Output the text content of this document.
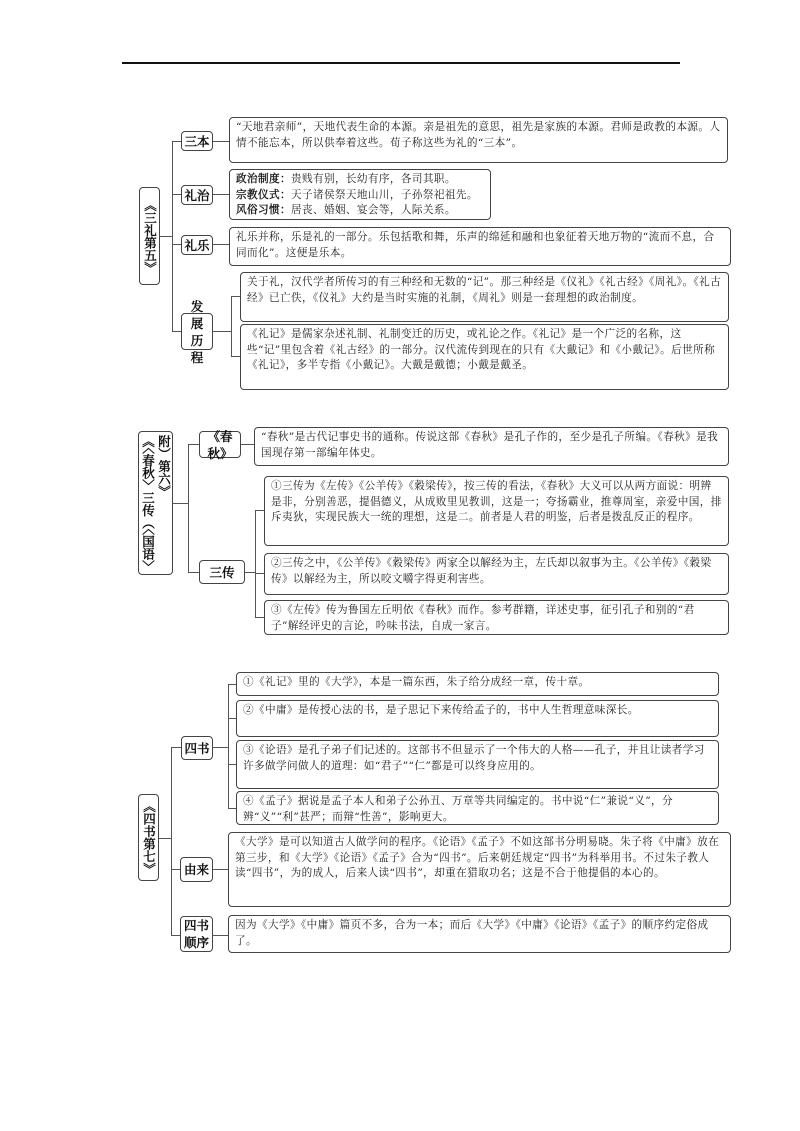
《三礼第五》
三本
“天地君亲师”，天地代表生命的本源。亲是祖先的意思，祖先是家族的本源。君师是政教的本源。人情不能忘本，所以供奉着这些。荀子称这些为礼的“三本”。
礼治
政治制度：贵贱有别，长幼有序，各司其职。
宗教仪式：天子诸侯祭天地山川，子孙祭祀祖先。
风俗习惯：居丧、婚姻、宴会等，人际关系。
礼乐
礼乐并称，乐是礼的一部分。乐包括歌和舞，乐声的绵延和融和也象征着天地万物的“流而不息，合同而化”。这便是乐本。
发展历程
关于礼，汉代学者所传习的有三种经和无数的“记”。那三种经是《仪礼》《礼古经》《周礼》。《礼古经》已亡佚，《仪礼》大约是当时实施的礼制，《周礼》则是一套理想的政治制度。
《礼记》是儒家杂述礼制、礼制变迁的历史，或礼论之作。《礼记》是一个广泛的名称，这些“记”里包含着《礼古经》的一部分。汉代流传到现在的只有《大戴记》和《小戴记》。后世所称《礼记》，多半专指《小戴记》。大戴是戴德；小戴是戴圣。
《〈春秋〉三传（〈国语〉附）第六》	《春秋》
“春秋”是古代记事史书的通称。传说这部《春秋》是孔子作的，至少是孔子所编。《春秋》是我国现存第一部编年体史。
三传
①三传为《左传》《公羊传》《穀梁传》，按三传的看法，《春秋》大义可以从两方面说：明辨是非，分别善恶，提倡德义，从成败里见教训，这是一；夸扬霸业，推尊周室，亲爱中国，排斥夷狄，实现民族大一统的理想，这是二。前者是人君的明鉴，后者是拨乱反正的程序。
②三传之中，《公羊传》《穀梁传》两家全以解经为主，左氏却以叙事为主。《公羊传》《穀梁传》以解经为主，所以咬文嚼字得更利害些。
③《左传》传为鲁国左丘明依《春秋》而作。参考群籍，详述史事，征引孔子和别的“君子”解经评史的言论，吟味书法，自成一家言。
《四书第七》
四书
①《礼记》里的《大学》，本是一篇东西，朱子给分成经一章，传十章。
②《中庸》是传授心法的书，是子思记下来传给孟子的，书中人生哲理意味深长。
③《论语》是孔子弟子们记述的。这部书不但显示了一个伟大的人格——孔子，并且让读者学习许多做学问做人的道理：如“君子”“仁”都是可以终身应用的。
④《孟子》据说是孟子本人和弟子公孙丑、万章等共同编定的。书中说“仁”兼说“义”，分辨“义”“利”甚严；而辩“性善”，影响更大。
由来
《大学》是可以知道古人做学问的程序。《论语》《孟子》不如这部书分明易晓。朱子将《中庸》放在第三步，和《大学》《论语》《孟子》合为“四书”。后来朝廷规定“四书”为科举用书。不过朱子教人读“四书”，为的成人，后来人读“四书”，却重在猎取功名；这是不合于他提倡的本心的。
四书顺序
因为《大学》《中庸》篇页不多，合为一本；而后《大学》《中庸》《论语》《孟子》的顺序约定俗成了。
